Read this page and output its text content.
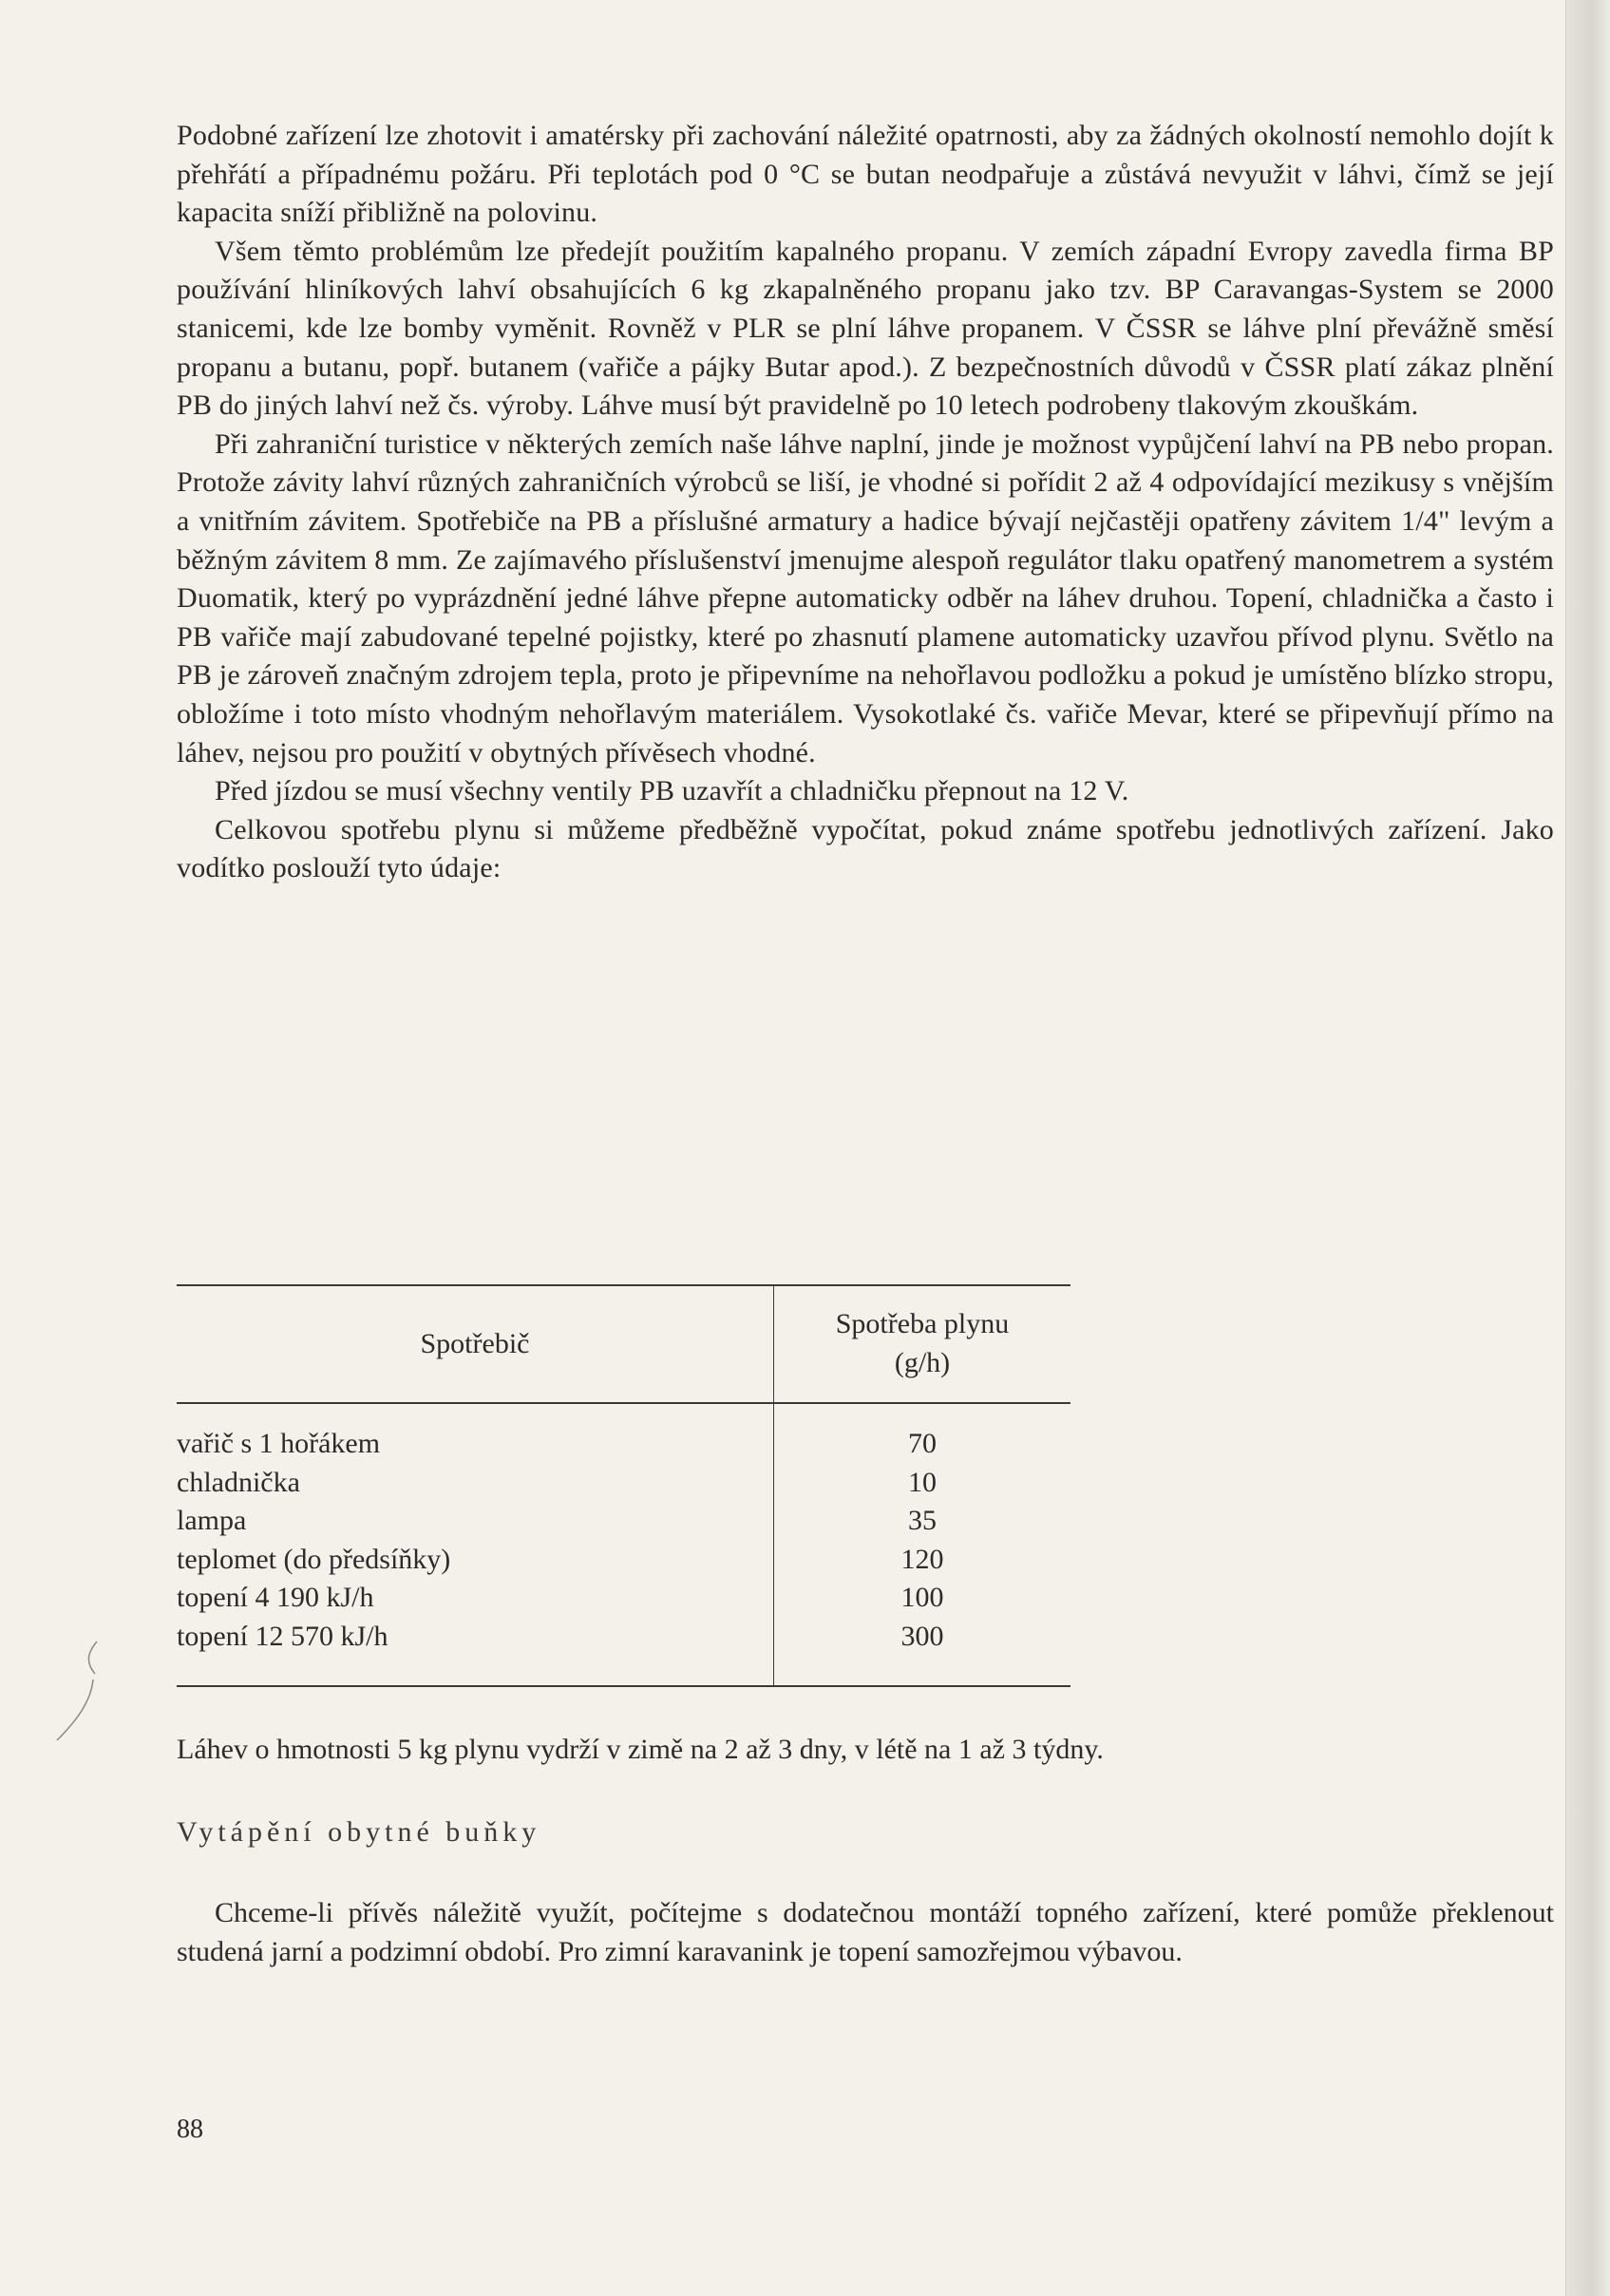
Podobné zařízení lze zhotovit i amatérsky při zachování náležité opatrnosti, aby za žádných okolností nemohlo dojít k přehřátí a případnému požáru. Při teplotách pod 0 °C se butan neodpařuje a zůstává nevyužit v láhvi, čímž se její kapacita sníží přibližně na polovinu.

Všem těmto problémům lze předejít použitím kapalného propanu. V zemích západní Evropy zavedla firma BP používání hliníkových lahví obsahujících 6 kg zkapalněného propanu jako tzv. BP Caravangas-System se 2000 stanicemi, kde lze bomby vyměnit. Rovněž v PLR se plní láhve propanem. V ČSSR se láhve plní převážně směsí propanu a butanu, popř. butanem (vařiče a pájky Butar apod.). Z bezpečnostních důvodů v ČSSR platí zákaz plnění PB do jiných lahví než čs. výroby. Láhve musí být pravidelně po 10 letech podrobeny tlakovým zkouškám.

Při zahraniční turistice v některých zemích naše láhve naplní, jinde je možnost vypůjčení lahví na PB nebo propan. Protože závity lahví různých zahraničních výrobců se liší, je vhodné si pořídit 2 až 4 odpovídající mezikusy s vnějším a vnitřním závitem. Spotřebiče na PB a příslušné armatury a hadice bývají nejčastěji opatřeny závitem 1/4" levým a běžným závitem 8 mm. Ze zajímavého příslušenství jmenujme alespoň regulátor tlaku opatřený manometrem a systém Duomatik, který po vyprázdnění jedné láhve přepne automaticky odběr na láhev druhou. Topení, chladnička a často i PB vařiče mají zabudované tepelné pojistky, které po zhasnutí plamene automaticky uzavřou přívod plynu. Světlo na PB je zároveň značným zdrojem tepla, proto je připevníme na nehořlavou podložku a pokud je umístěno blízko stropu, obložíme i toto místo vhodným nehořlavým materiálem. Vysokotlaké čs. vařiče Mevar, které se připevňují přímo na láhev, nejsou pro použití v obytných přívěsech vhodné.

Před jízdou se musí všechny ventily PB uzavřít a chladničku přepnout na 12 V.

Celkovou spotřebu plynu si můžeme předběžně vypočítat, pokud známe spotřebu jednotlivých zařízení. Jako vodítko poslouží tyto údaje:

Spotřebič	Spotřeba plynu (g/h)
vařič s 1 hořákem	70
chladnička	10
lampa	35
teplomet (do předsíňky)	120
topení 4 190 kJ/h	100
topení 12 570 kJ/h	300
Láhev o hmotnosti 5 kg plynu vydrží v zimě na 2 až 3 dny, v létě na 1 až 3 týdny.
Vytápění obytné buňky

Chceme-li přívěs náležitě využít, počítejme s dodatečnou montáží topného zařízení, které pomůže překlenout studená jarní a podzimní období. Pro zimní karavanink je topení samozřejmou výbavou.

88
